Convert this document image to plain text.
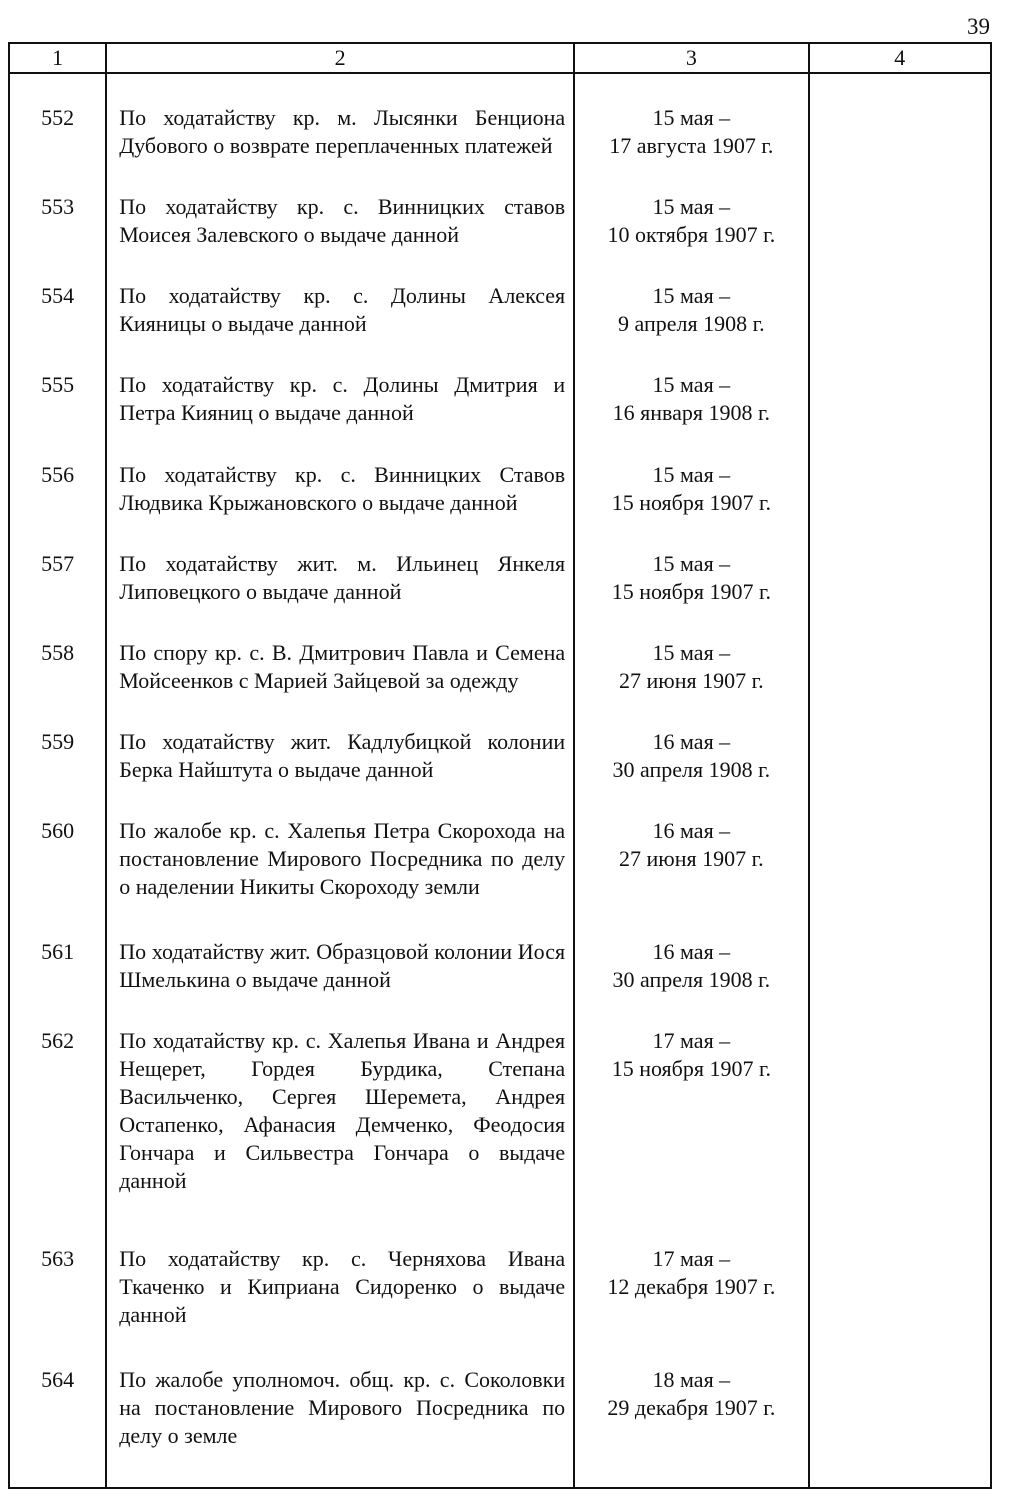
39
1	2	3	4

552	По ходатайству кр. м. Лысянки Бенциона Дубового о возврате переплаченных платежей	15 мая –
17 августа 1907 г.	

553	По ходатайству кр. с. Винницких ставов Моисея Залевского о выдаче данной	15 мая –
10 октября 1907 г.	

554	По ходатайству кр. с. Долины Алексея Кияницы о выдаче данной	15 мая –
9 апреля 1908 г.	

555	По ходатайству кр. с. Долины Дмитрия и Петра Кияниц о выдаче данной	15 мая –
16 января 1908 г.	

556	По ходатайству кр. с. Винницких Ставов Людвика Крыжановского о выдаче данной	15 мая –
15 ноября 1907 г.	

557	По ходатайству жит. м. Ильинец Янкеля Липовецкого о выдаче данной	15 мая –
15 ноября 1907 г.	

558	По спору кр. с. В. Дмитрович Павла и Семена Мойсеенков с Марией Зайцевой за одежду	15 мая –
27 июня 1907 г.	

559	По ходатайству жит. Кадлубицкой колонии Берка Найштута о выдаче данной	16 мая –
30 апреля 1908 г.	

560	По жалобе кр. с. Халепья Петра Скорохода на постановление Мирового Посредника по делу о наделении Никиты Скороходу земли	16 мая –
27 июня 1907 г.	

561	По ходатайству жит. Образцовой колонии Иося Шмелькина о выдаче данной	16 мая –
30 апреля 1908 г.	

562	По ходатайству кр. с. Халепья Ивана и Андрея Нещерет, Гордея Бурдика, Степана Васильченко, Сергея Шеремета, Андрея Остапенко, Афанасия Демченко, Феодосия Гончара и Сильвестра Гончара о выдаче данной	17 мая –
15 ноября 1907 г.	

563	По ходатайству кр. с. Черняхова Ивана Ткаченко и Киприана Сидоренко о выдаче данной	17 мая –
12 декабря 1907 г.	

564	По жалобе уполномоч. общ. кр. с. Соколовки на постановление Мирового Посредника по делу о земле	18 мая –
29 декабря 1907 г.	
